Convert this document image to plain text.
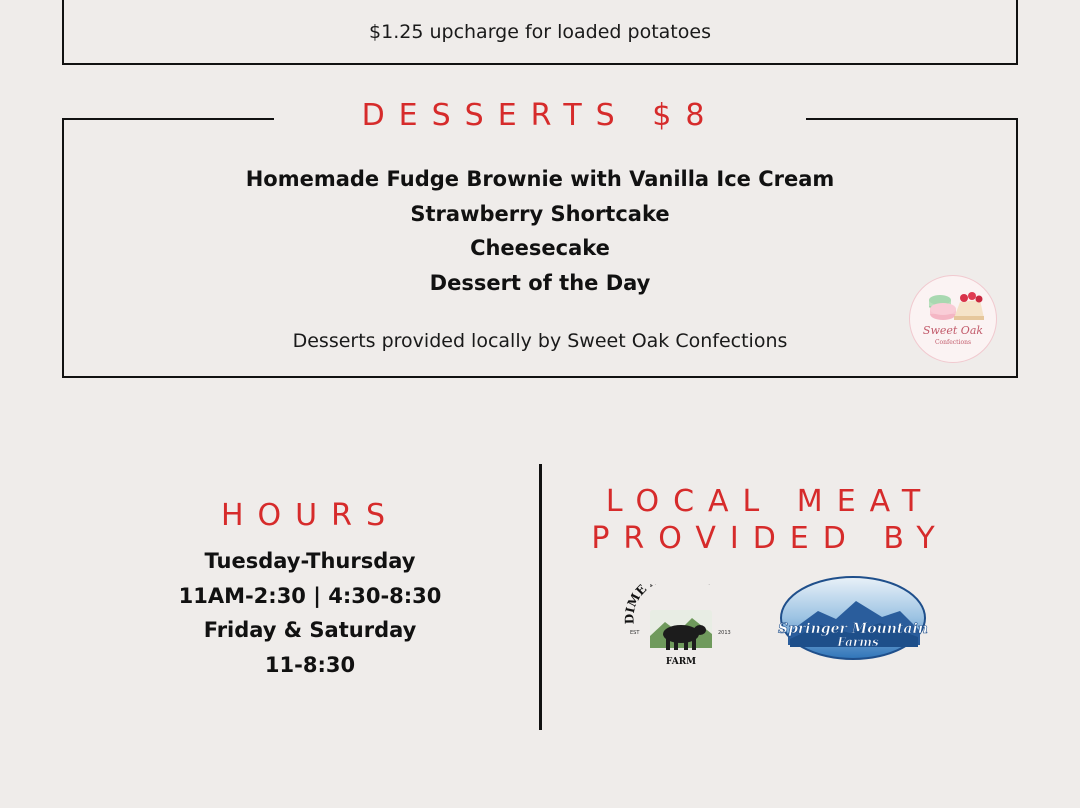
$1.25 upcharge for loaded potatoes
Homemade Fudge Brownie with Vanilla Ice Cream
Strawberry Shortcake
Cheesecake
Dessert of the Day
Desserts provided locally by Sweet Oak Confections	Sweet Oak
Confections
DESSERTS $8
HOURS
Tuesday-Thursday
11AM-2:30 | 4:30-8:30
Friday & Saturday
11-8:30
LOCAL MEAT
PROVIDED BY
DIME
EST	2013
FARM
Springer Mountain
Farms
